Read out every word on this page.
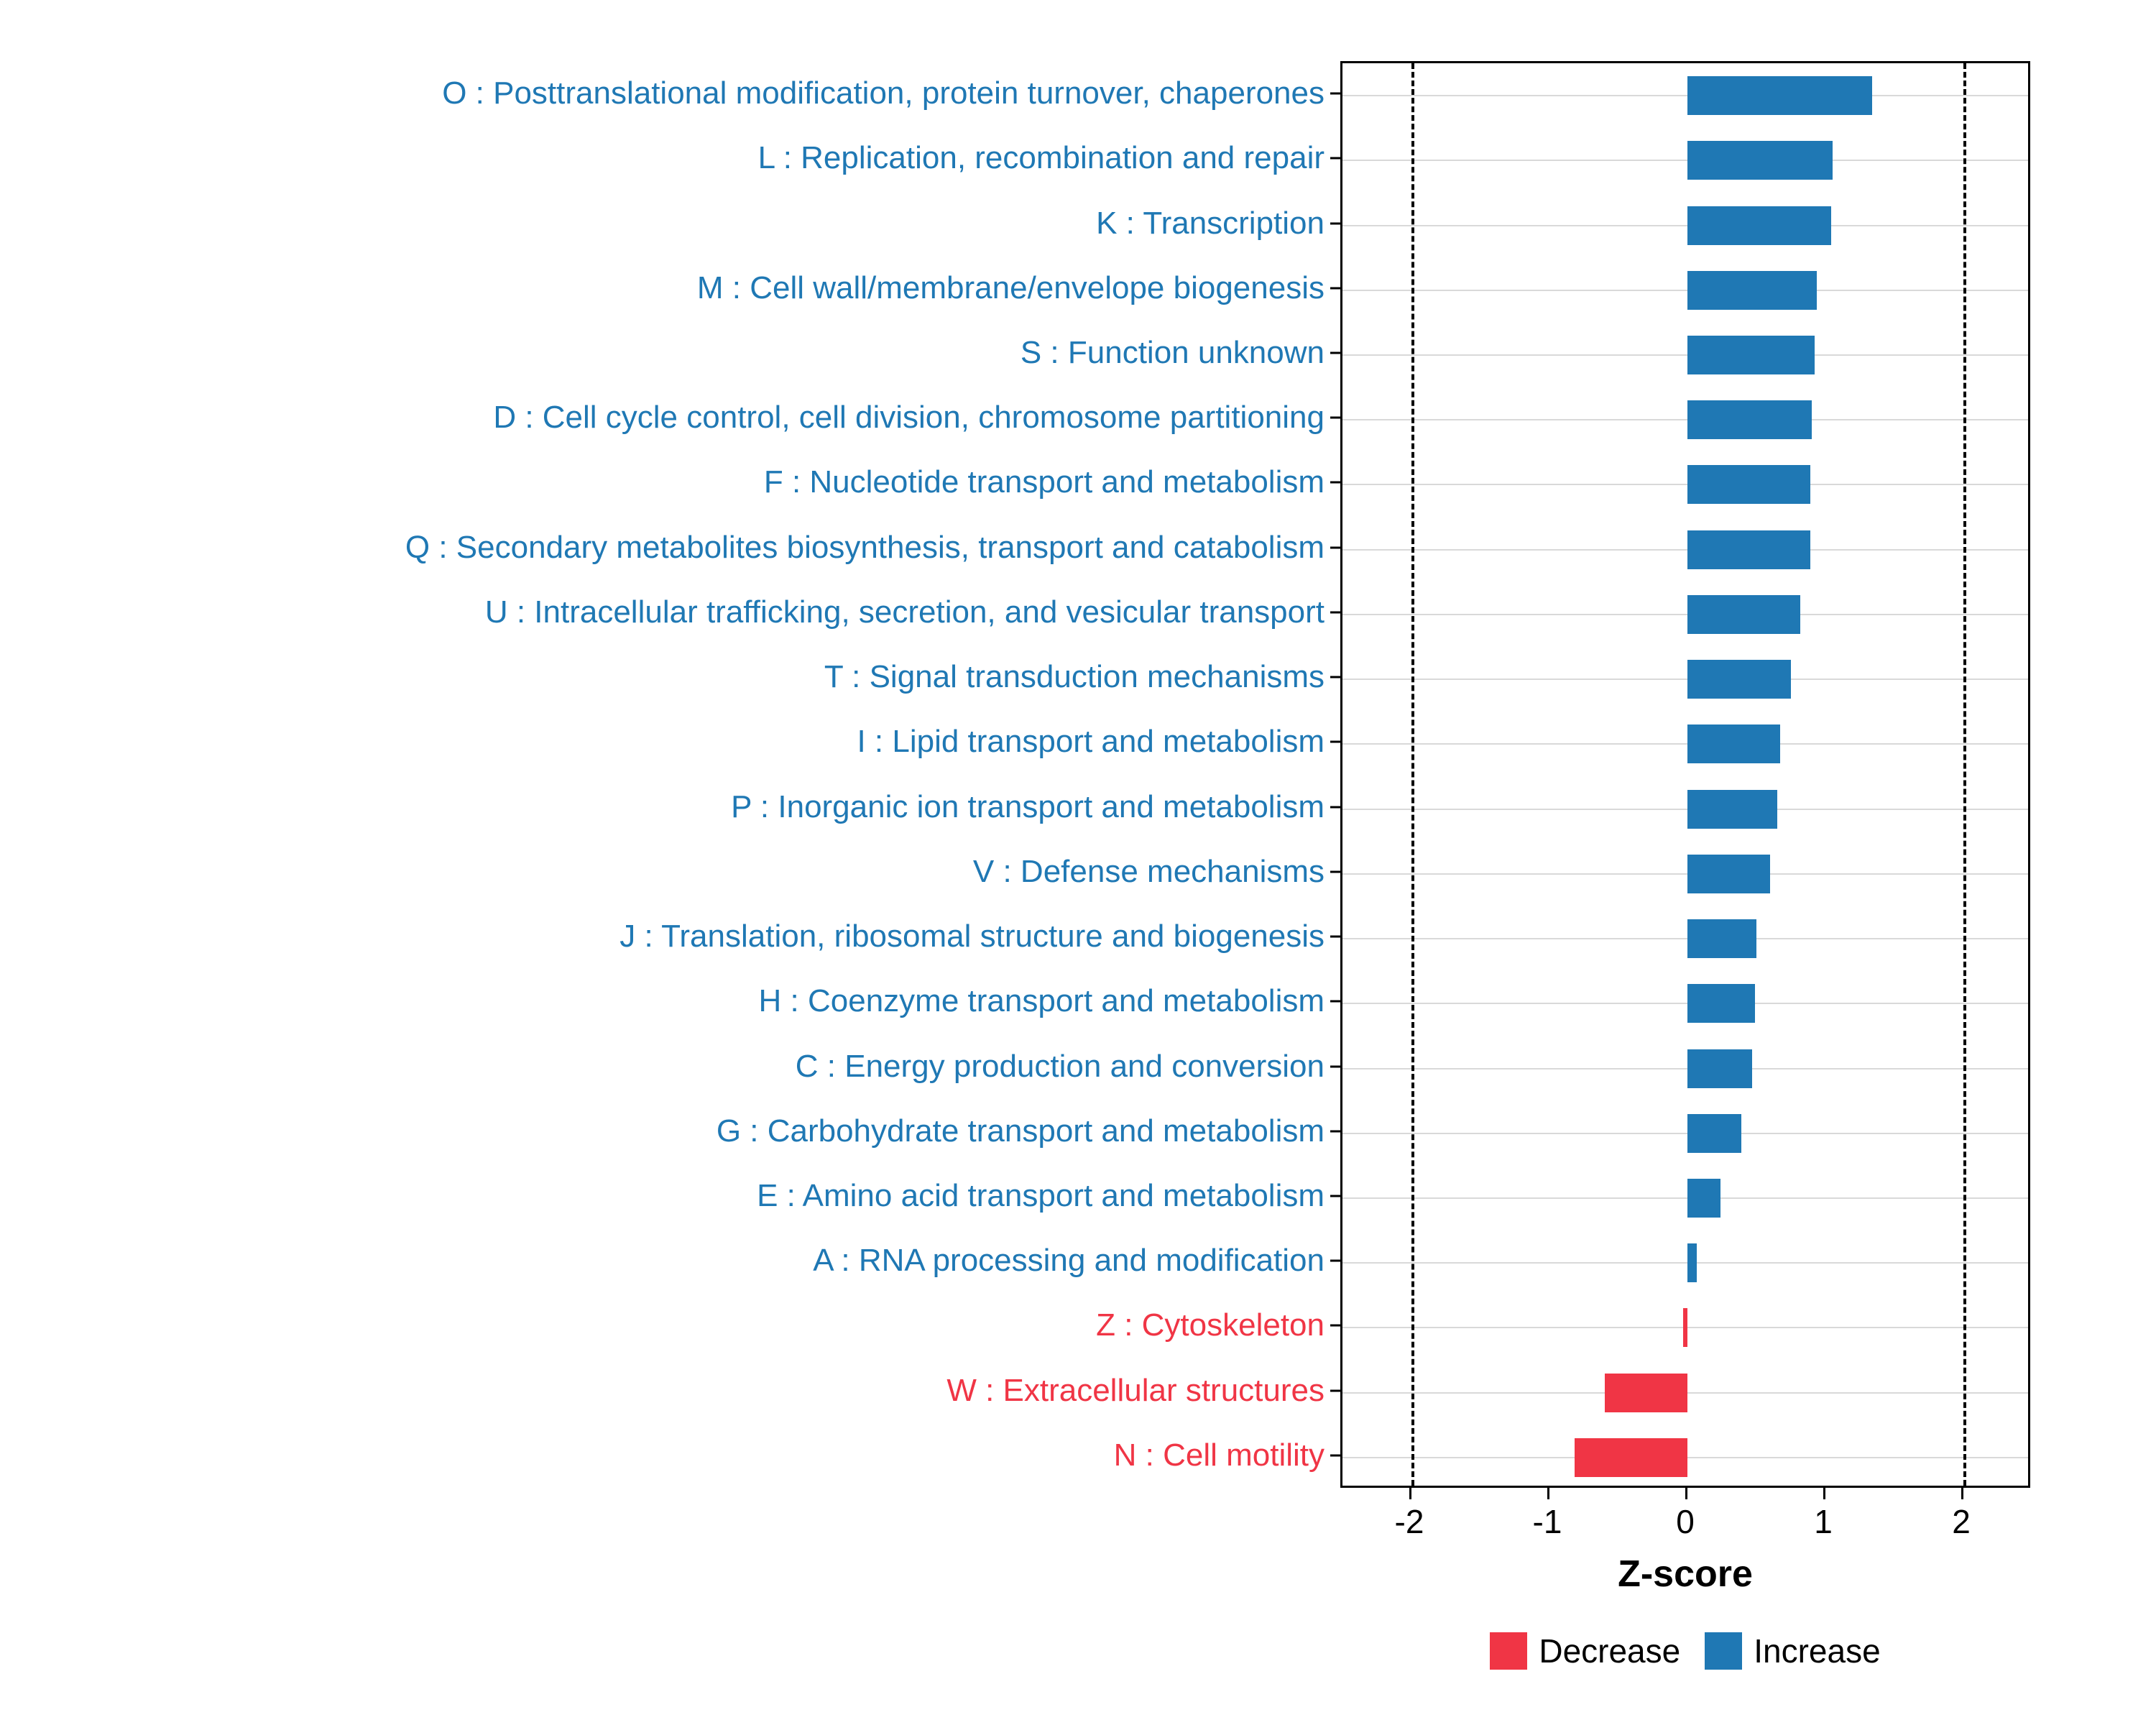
O : Posttranslational modification, protein turnover, chaperones
L : Replication, recombination and repair
K : Transcription
M : Cell wall/membrane/envelope biogenesis
S : Function unknown
D : Cell cycle control, cell division, chromosome partitioning
F : Nucleotide transport and metabolism
Q : Secondary metabolites biosynthesis, transport and catabolism
U : Intracellular trafficking, secretion, and vesicular transport
T : Signal transduction mechanisms
I : Lipid transport and metabolism
P : Inorganic ion transport and metabolism
V : Defense mechanisms
J : Translation, ribosomal structure and biogenesis
H : Coenzyme transport and metabolism
C : Energy production and conversion
G : Carbohydrate transport and metabolism
E : Amino acid transport and metabolism
A : RNA processing and modification
Z : Cytoskeleton
W : Extracellular structures
N : Cell motility
-2	-1	0	1	2
Z-score
Decrease Increase
